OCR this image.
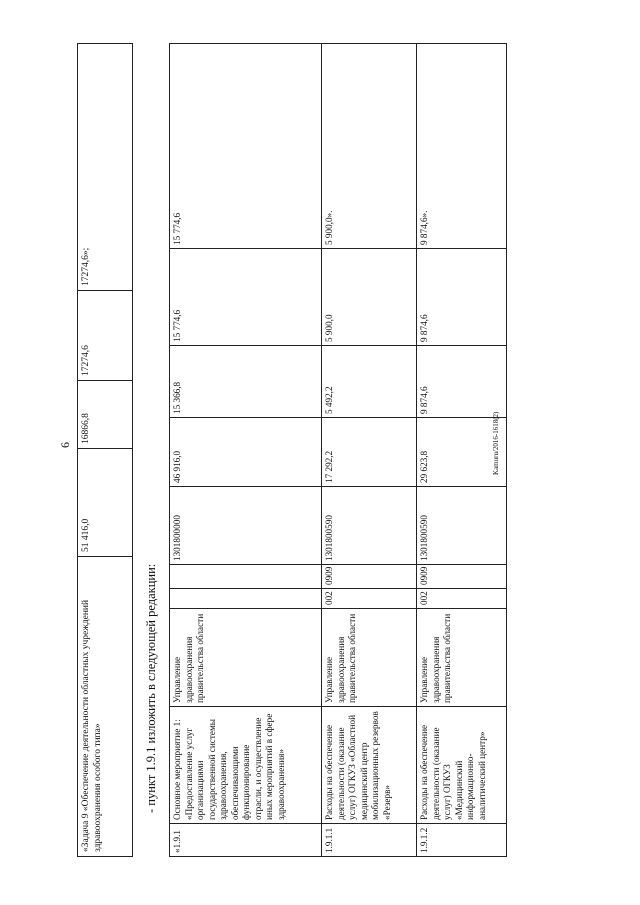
6	Kamuru/2016-1618(2)
«Задача 9 «Обеспечение деятельности областных учреждений здравоохранения особого типа»	51 416,0	16866,8	17274,6	17274,6»;
- пункт 1.9.1 изложить в следующей редакции:
«1.9.1	Основное мероприятие 1: «Предоставление услуг организациями государственной системы здравоохранения, обеспечивающими функционирование отрасли, и осуществление иных мероприятий в сфере здравоохранения»	Управление здравоохранения правительства области			1301800000	46 916,0	15 366,8	15 774,6	15 774,6
1.9.1.1	Расходы на обеспечение деятельности (оказание услуг) ОГКУЗ «Областной медицинский центр мобилизационных резервов «Резерв»	Управление здравоохранения правительства области	002	0909	1301800590	17 292,2	5 492,2	5 900,0	5 900,0».
1.9.1.2	Расходы на обеспечение деятельности (оказание услуг) ОГКУЗ «Медицинский информационно-аналитический центр»	Управление здравоохранения правительства области	002	0909	1301800590	29 623,8	9 874,6	9 874,6	9 874,6».
